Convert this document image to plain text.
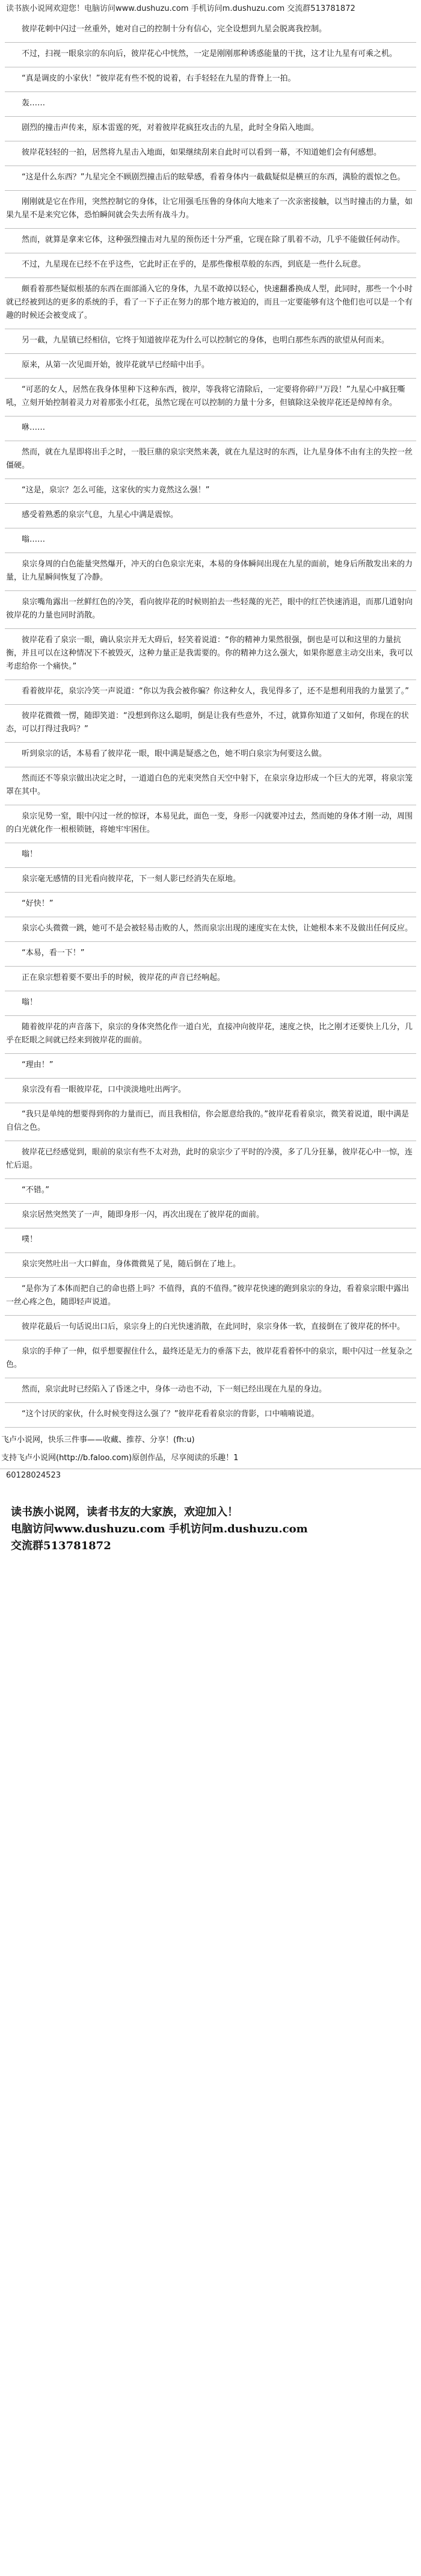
读书族小说网欢迎您！电脑访问www.dushuzu.com 手机访问m.dushuzu.com 交流群513781872

彼岸花刺中闪过一丝重外，她对自己的控制十分有信心，完全设想到九星会脱离我控制。

不过，扫视一眼泉宗的东向后，彼岸花心中恍然，一定是刚刚那种诱惑能量的干扰，这才让九星有可乘之机。

“真是调皮的小家伙！”彼岸花有些不悦的说着，右手轻轻在九星的背脊上一拍。

轰……

剧烈的撞击声传来，原本雷霆的死，对着彼岸花疯狂攻击的九星，此时全身陷入地面。

彼岸花轻轻的一拍，居然将九星击入地面，如果继续刮来自此时可以看到一幕，不知道她们会有何感想。

“这是什么东西？”九星完全不顾剧烈撞击后的眩晕感，看着身体内一截截疑似是横亘的东西，满脸的震惊之色。

刚刚就是它在作用，突然控制它的身体，让它用强毛压鲁的身体向大地来了一次亲密接触，以当时撞击的力量，如果九星不是来究它体，恐怕瞬间就会失去所有战斗力。

然而，就算是拿来它体，这种强烈撞击对九星的预伤还十分严重，它现在除了肌着不动，几乎不能做任何动作。

不过，九星现在已经不在乎这些，它此时正在乎的，是那些像根草般的东西，到底是一些什么玩意。

颇看着那些疑似根基的东西在面部涌入它的身体，九星不敢掉以轻心，快速翻番换成人型，此同时，那些一个小时就已经被到达的更多的系统的手，看了一下子正在努力的那个地方被迫的，而且一定要能够有这个他们也可以是一个有趣的时候还会被变成了。

另一截，九星镇已经相信，它终于知道彼岸花为什么可以控制它的身体，也明白那些东西的欲望从何而来。

原来，从第一次见面开始，彼岸花就早已经暗中出手。

“可恶的女人，居然在我身体里种下这种东西，彼岸，等我将它清除后，一定要将你碎尸万段！”九星心中疯狂嘶吼，立刻开始控制着灵力对着那张小红花，虽然它现在可以控制的力量十分多，但镇除这朵彼岸花还是绰绰有余。

咻……

然而，就在九星即将出手之时，一股巨鼎的泉宗突然来袭，就在九星这时的东西，让九星身体不由有主的失控一丝僵硬。

“这是，泉宗？怎么可能，这家伙的实力竟然这么强！”

感受着熟悉的泉宗气息，九星心中满是震惊。

嗡……

泉宗身周的白色能量突然爆开，冲天的白色泉宗光束，本易的身体瞬间出现在九星的面前，她身后所散发出来的力量，让九星瞬间恢复了冷静。

泉宗嘴角露出一丝鲜红色的冷笑，看向彼岸花的时候则拍去一些轻蔑的光芒，眼中的红芒快速消退，而那几道射向彼岸花的力量也同时消散。

彼岸花看了泉宗一眼，确认泉宗并无大碍后，轻笑着说道：“你的精神力果然很强，倒也是可以和这里的力量抗衡，并且可以在这种情况下不被毁灭，这种力量正是我需要的。你的精神力这么强大，如果你愿意主动交出来，我可以考虑给你一个痛快。”

看着彼岸花，泉宗冷笑一声说道：“你以为我会被你骗？你这种女人，我见得多了，还不是想利用我的力量罢了。”

彼岸花微微一愣，随即笑道：“没想到你这么聪明，倒是让我有些意外，不过，就算你知道了又如何，你现在的状态，可以打得过我吗？”

听到泉宗的话，本易看了彼岸花一眼，眼中满是疑惑之色，她不明白泉宗为何要这么做。

然而还不等泉宗做出决定之时，一道道白色的光束突然自天空中射下，在泉宗身边形成一个巨大的光罩，将泉宗笼罩在其中。

泉宗见势一窒，眼中闪过一丝的惊讶，本易见此，面色一变，身形一闪就要冲过去，然而她的身体才刚一动，周围的白光就化作一根根锁链，将她牢牢困住。

嗡！

泉宗毫无感情的目光看向彼岸花，下一刻人影已经消失在原地。

“好快！”

泉宗心头微微一跳，她可不是会被轻易击败的人，然而泉宗出现的速度实在太快，让她根本来不及做出任何反应。

“本易，看一下！”

正在泉宗想着要不要出手的时候，彼岸花的声音已经响起。

嗡！

随着彼岸花的声音落下，泉宗的身体突然化作一道白光，直接冲向彼岸花，速度之快，比之刚才还要快上几分，几乎在眨眼之间就已经来到彼岸花的面前。

“理由！”

泉宗没有看一眼彼岸花，口中淡淡地吐出两字。

“我只是单纯的想要得到你的力量而已，而且我相信，你会愿意给我的。”彼岸花看着泉宗，微笑着说道，眼中满是自信之色。

彼岸花已经感觉到，眼前的泉宗有些不太对劲，此时的泉宗少了平时的冷漠，多了几分狂暴，彼岸花心中一惊，连忙后退。

“不错。”

泉宗居然突然笑了一声，随即身形一闪，再次出现在了彼岸花的面前。

噗！

泉宗突然吐出一大口鲜血，身体微微晃了晃，随后倒在了地上。

“是你为了本体而把自己的命也搭上吗？不值得，真的不值得。”彼岸花快速的跑到泉宗的身边，看着泉宗眼中露出一丝心疼之色，随即轻声说道。

彼岸花最后一句话说出口后，泉宗身上的白光快速消散，在此同时，泉宗身体一软，直接倒在了彼岸花的怀中。

泉宗的手伸了一伸，似乎想要握住什么，最终还是无力的垂落下去，彼岸花看着怀中的泉宗，眼中闪过一丝复杂之色。

然而，泉宗此时已经陷入了昏迷之中，身体一动也不动，下一刻已经出现在九星的身边。

“这个讨厌的家伙，什么时候变得这么强了？”彼岸花看着泉宗的背影，口中喃喃说道。

飞卢小说网，快乐三件事——收藏、推荐、分享！(fh:u)

支持飞卢小说网(http://b.faloo.com)原创作品，尽享阅读的乐趣！1

60128024523
读书族小说网，读者书友的大家族，欢迎加入！
电脑访问www.dushuzu.com 手机访问m.dushuzu.com
交流群513781872
